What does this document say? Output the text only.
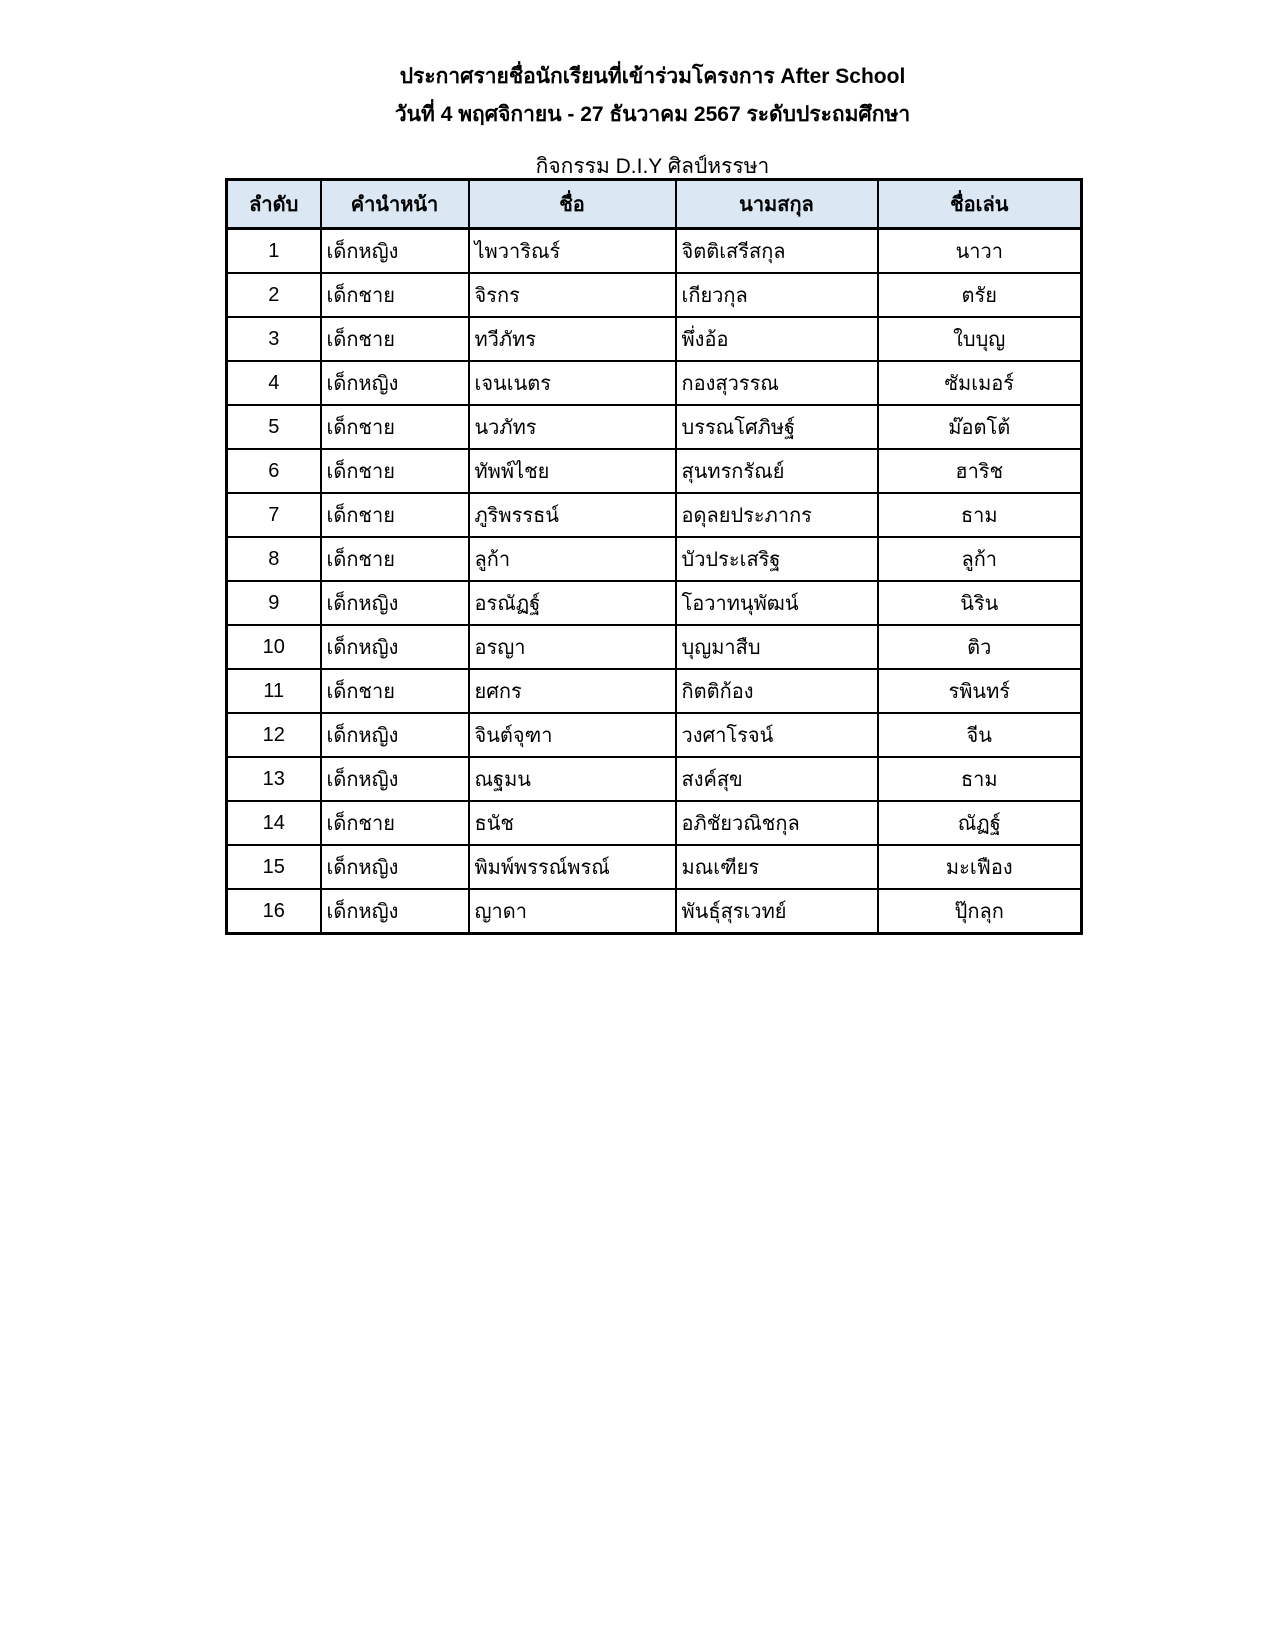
ประกาศรายชื่อนักเรียนที่เข้าร่วมโครงการ After School
วันที่ 4 พฤศจิกายน - 27 ธันวาคม 2567 ระดับประถมศึกษา
กิจกรรม D.I.Y ศิลป์หรรษา
ลำดับ	คำนำหน้า	ชื่อ	นามสกุล	ชื่อเล่น
1	เด็กหญิง	ไพวาริณร์	จิตติเสรีสกุล	นาวา
2	เด็กชาย	จิรกร	เกียวกุล	ตรัย
3	เด็กชาย	ทวีภัทร	พึ่งอ้อ	ใบบุญ
4	เด็กหญิง	เจนเนตร	กองสุวรรณ	ซัมเมอร์
5	เด็กชาย	นวภัทร	บรรณโศภิษฐ์	ม๊อตโต้
6	เด็กชาย	ทัพพ์ไชย	สุนทรกรัณย์	ฮาริช
7	เด็กชาย	ภูริพรรธน์	อดุลยประภากร	ธาม
8	เด็กชาย	ลูก้า	บัวประเสริฐ	ลูก้า
9	เด็กหญิง	อรณัฏฐ์	โอวาทนุพัฒน์	นิริน
10	เด็กหญิง	อรญา	บุญมาสืบ	ติว
11	เด็กชาย	ยศกร	กิตติก้อง	รพินทร์
12	เด็กหญิง	จินต์จุฑา	วงศาโรจน์	จีน
13	เด็กหญิง	ณฐมน	สงค์สุข	ธาม
14	เด็กชาย	ธนัช	อภิชัยวณิชกุล	ณัฏฐ์
15	เด็กหญิง	พิมพ์พรรณ์พรณ์	มณเฑียร	มะเฟือง
16	เด็กหญิง	ญาดา	พันธุ์สุรเวทย์	ปุ๊กลุก
